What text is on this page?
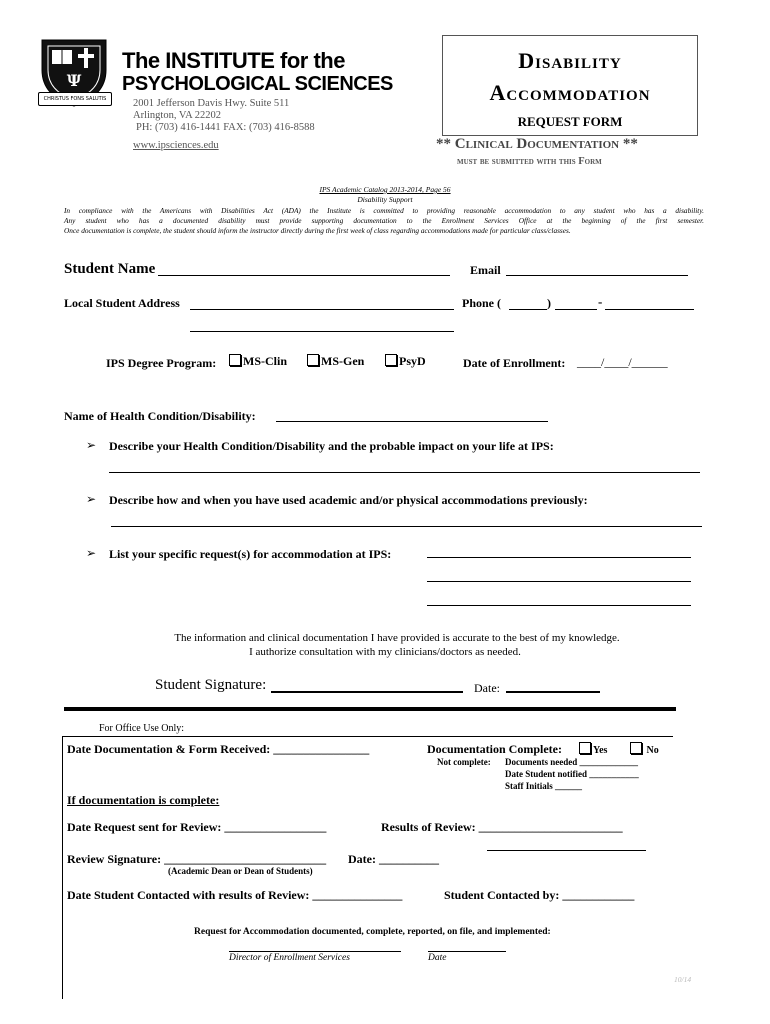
Ψ
CHRISTUS FONS SALUTIS
The INSTITUTE for the
PSYCHOLOGICAL SCIENCES
2001 Jefferson Davis Hwy. Suite 511
Arlington, VA 22202
PH: (703) 416-1441 FAX: (703) 416-8588
www.ipsciences.edu
Disability
Accommodation
REQUEST FORM
** Clinical Documentation **
must be submitted with this Form
IPS Academic Catalog 2013-2014, Page 56
Disability Support
In compliance with the Americans with Disabilities Act (ADA) the Institute is committed to providing reasonable accommodation to any student who has a disability.
Any student who has a documented disability must provide supporting documentation to the Enrollment Services Office at the beginning of the first semester.
Once documentation is complete, the student should inform the instructor directly during the first week of class regarding accommodations made for particular class/classes.
Student Name	Email
Local Student Address	Phone (	)	-
IPS Degree Program:	MS-Clin	MS-Gen	PsyD	Date of Enrollment: ____/____/______
Name of Health Condition/Disability:
➢ Describe your Health Condition/Disability and the probable impact on your life at IPS:
➢ Describe how and when you have used academic and/or physical accommodations previously:
➢ List your specific request(s) for accommodation at IPS:
The information and clinical documentation I have provided is accurate to the best of my knowledge.
I authorize consultation with my clinicians/doctors as needed.
Student Signature:	Date:
For Office Use Only:
Date Documentation & Form Received: ________________	Documentation Complete:	Yes	No
Not complete: Documents needed _____________
Date Student notified ___________
Staff Initials ______
If documentation is complete:
Date Request sent for Review: _________________	Results of Review: ________________________
Review Signature: ___________________________ Date: __________
(Academic Dean or Dean of Students)
Date Student Contacted with results of Review: _______________	Student Contacted by: ____________
Request for Accommodation documented, complete, reported, on file, and implemented:
Director of Enrollment Services	Date
10/14
